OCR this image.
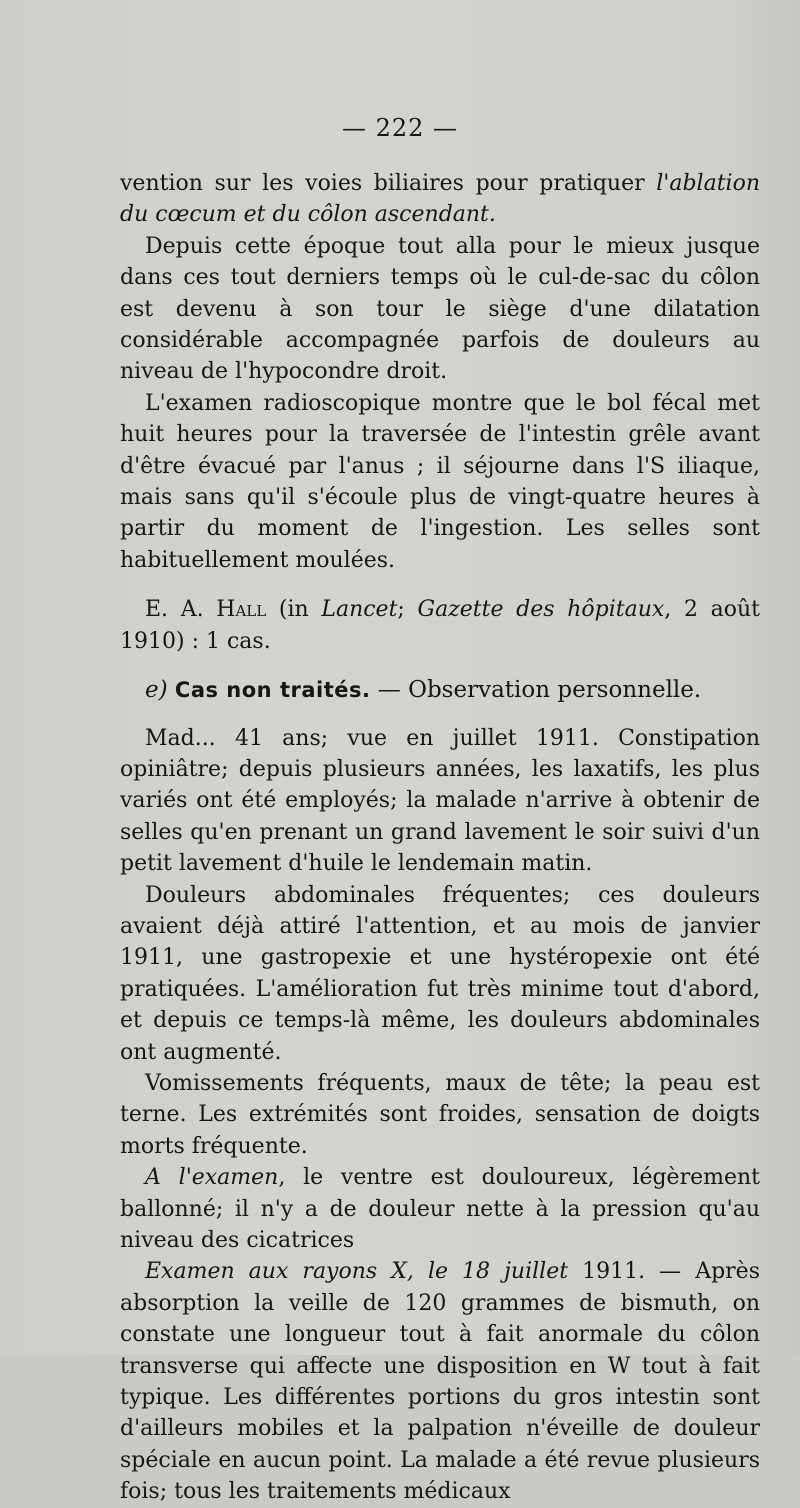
— 222 —

vention sur les voies biliaires pour pratiquer l'ablation du cœcum et du côlon ascendant.

Depuis cette époque tout alla pour le mieux jusque dans ces tout derniers temps où le cul-de-sac du côlon est devenu à son tour le siège d'une dilatation considérable accompagnée parfois de douleurs au niveau de l'hypocondre droit.

L'examen radioscopique montre que le bol fécal met huit heures pour la traversée de l'intestin grêle avant d'être évacué par l'anus ; il séjourne dans l'S iliaque, mais sans qu'il s'écoule plus de vingt-quatre heures à partir du moment de l'ingestion. Les selles sont habituellement moulées.

E. A. Hall (in Lancet; Gazette des hôpitaux, 2 août 1910) : 1 cas.

e) Cas non traités. — Observation personnelle.

Mad... 41 ans; vue en juillet 1911. Constipation opiniâtre; depuis plusieurs années, les laxatifs, les plus variés ont été employés; la malade n'arrive à obtenir de selles qu'en prenant un grand lavement le soir suivi d'un petit lavement d'huile le lendemain matin.

Douleurs abdominales fréquentes; ces douleurs avaient déjà attiré l'attention, et au mois de janvier 1911, une gastropexie et une hystéropexie ont été pratiquées. L'amélioration fut très minime tout d'abord, et depuis ce temps-là même, les douleurs abdominales ont augmenté.

Vomissements fréquents, maux de tête; la peau est terne. Les extrémités sont froides, sensation de doigts morts fréquente.

A l'examen, le ventre est douloureux, légèrement ballonné; il n'y a de douleur nette à la pression qu'au niveau des cicatrices

Examen aux rayons X, le 18 juillet 1911. — Après absorption la veille de 120 grammes de bismuth, on constate une longueur tout à fait anormale du côlon transverse qui affecte une disposition en W tout à fait typique. Les différentes portions du gros intestin sont d'ailleurs mobiles et la palpation n'éveille de douleur spéciale en aucun point. La malade a été revue plusieurs fois; tous les traitements médicaux
